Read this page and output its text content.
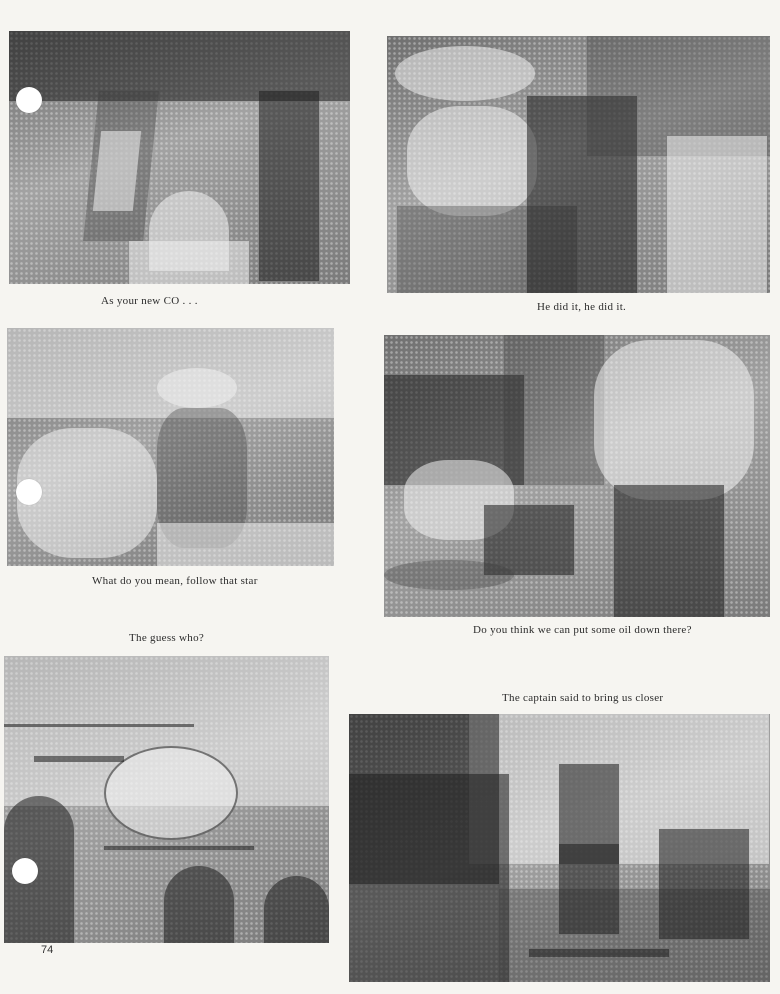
As your new CO . . .	He did it, he did it.
What do you mean, follow that star
The guess who?
Do you think we can put some oil down there?
The captain said to bring us closer
74
